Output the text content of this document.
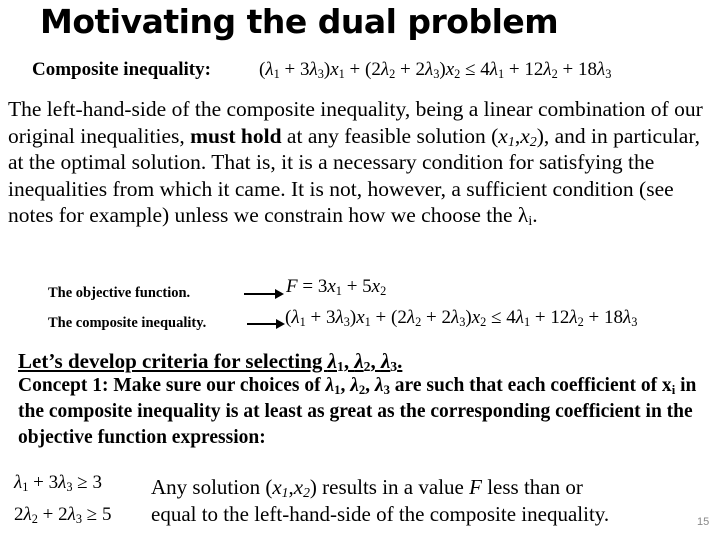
Motivating the dual problem
Composite inequality:	$(\lambda_1 + 3\lambda_3)x_1 + (2\lambda_2 + 2\lambda_3)x_2 \le 4\lambda_1 + 12\lambda_2 + 18\lambda_3$
The left-hand-side of the composite inequality, being a linear combination of our original inequalities, must hold at any feasible solution $(x_1,x_2)$, and in particular, at the optimal solution. That is, it is a necessary condition for satisfying the inequalities from which it came. It is not, however, a sufficient condition (see notes for example) unless we constrain how we choose the $\lambda_i$.
The objective function.	$F = 3x_1 + 5x_2$
The composite inequality.	$(\lambda_1 + 3\lambda_3)x_1 + (2\lambda_2 + 2\lambda_3)x_2 \le 4\lambda_1 + 12\lambda_2 + 18\lambda_3$
Let’s develop criteria for selecting $\lambda_1$, $\lambda_2$, $\lambda_3$.
Concept 1: Make sure our choices of $\lambda_1$, $\lambda_2$, $\lambda_3$ are such that each coefficient of $x_i$ in the composite inequality is at least as great as the corresponding coefficient in the objective function expression:
$\lambda_1 + 3\lambda_3 \ge 3$
$2\lambda_2 + 2\lambda_3 \ge 5$
Any solution $(x_1,x_2)$ results in a value F less than or
equal to the left-hand-side of the composite inequality.	15
